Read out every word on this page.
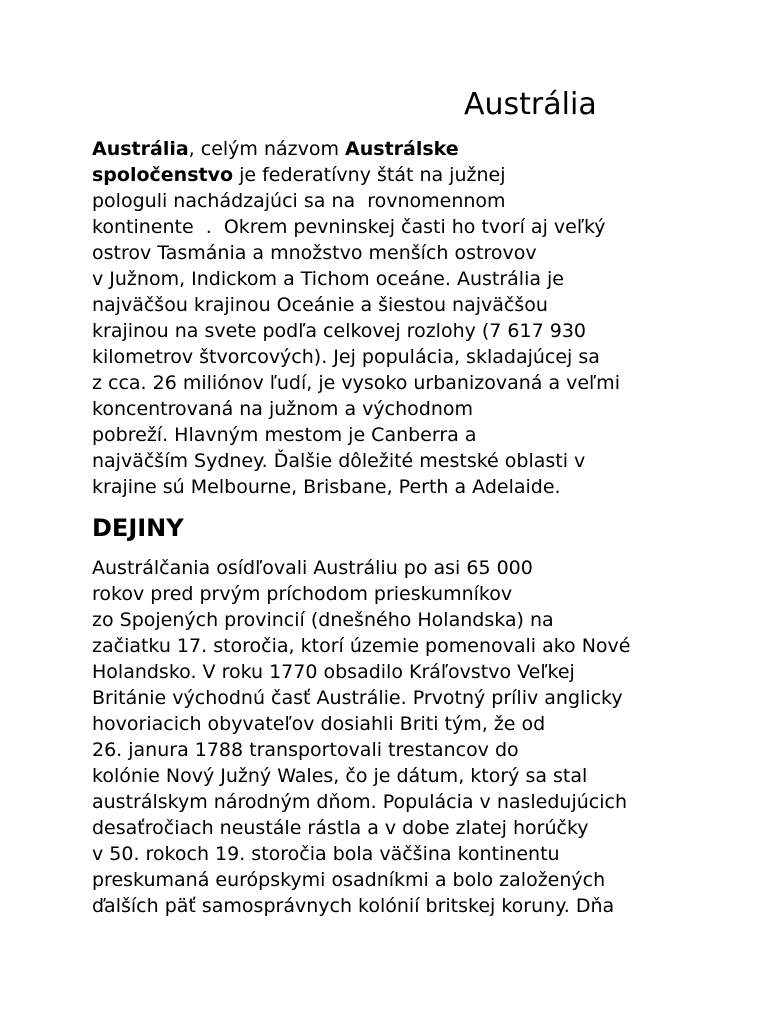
Austrália

Austrália, celým názvom Austrálske
spoločenstvo je federatívny štát na južnej
pologuli nachádzajúci sa na  rovnomennom
kontinente  .  Okrem pevninskej časti ho tvorí aj veľký
ostrov Tasmánia a množstvo menších ostrovov
v Južnom, Indickom a Tichom oceáne. Austrália je
najväčšou krajinou Oceánie a šiestou najväčšou
krajinou na svete podľa celkovej rozlohy (7 617 930
kilometrov štvorcových). Jej populácia, skladajúcej sa
z cca. 26 miliónov ľudí, je vysoko urbanizovaná a veľmi
koncentrovaná na južnom a východnom
pobreží. Hlavným mestom je Canberra a
najväčším Sydney. Ďalšie dôležité mestské oblasti v
krajine sú Melbourne, Brisbane, Perth a Adelaide.

DEJINY

Austrálčania osídľovali Austráliu po asi 65 000
rokov pred prvým príchodom prieskumníkov
zo Spojených provincií (dnešného Holandska) na
začiatku 17. storočia, ktorí územie pomenovali ako Nové
Holandsko. V roku 1770 obsadilo Kráľovstvo Veľkej
Británie východnú časť Austrálie. Prvotný príliv anglicky
hovoriacich obyvateľov dosiahli Briti tým, že od
26. janura 1788 transportovali trestancov do
kolónie Nový Južný Wales, čo je dátum, ktorý sa stal
austrálskym národným dňom. Populácia v nasledujúcich
desaťročiach neustále rástla a v dobe zlatej horúčky
v 50. rokoch 19. storočia bola väčšina kontinentu
preskumaná európskymi osadníkmi a bolo založených
ďalších päť samosprávnych kolónií britskej koruny. Dňa
